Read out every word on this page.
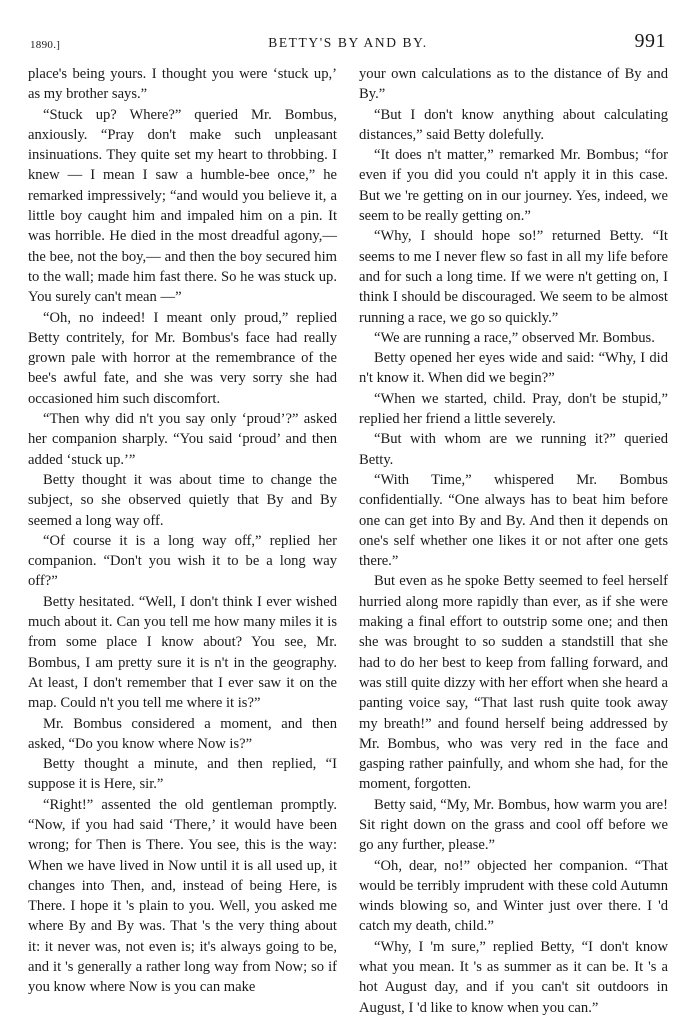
1890.]	BETTY'S BY AND BY.	991

place's being yours. I thought you were ‘stuck up,’ as my brother says.”

“Stuck up? Where?” queried Mr. Bombus, anxiously. “Pray don't make such unpleasant insinuations. They quite set my heart to throbbing. I knew — I mean I saw a humble-bee once,” he remarked impressively; “and would you believe it, a little boy caught him and impaled him on a pin. It was horrible. He died in the most dreadful agony,— the bee, not the boy,— and then the boy secured him to the wall; made him fast there. So he was stuck up. You surely can't mean —”

“Oh, no indeed! I meant only proud,” replied Betty contritely, for Mr. Bombus's face had really grown pale with horror at the remembrance of the bee's awful fate, and she was very sorry she had occasioned him such discomfort.

“Then why did n't you say only ‘proud’?” asked her companion sharply. “You said ‘proud’ and then added ‘stuck up.’”

Betty thought it was about time to change the subject, so she observed quietly that By and By seemed a long way off.

“Of course it is a long way off,” replied her companion. “Don't you wish it to be a long way off?”

Betty hesitated. “Well, I don't think I ever wished much about it. Can you tell me how many miles it is from some place I know about? You see, Mr. Bombus, I am pretty sure it is n't in the geography. At least, I don't remember that I ever saw it on the map. Could n't you tell me where it is?”

Mr. Bombus considered a moment, and then asked, “Do you know where Now is?”

Betty thought a minute, and then replied, “I suppose it is Here, sir.”

“Right!” assented the old gentleman promptly. “Now, if you had said ‘There,’ it would have been wrong; for Then is There. You see, this is the way: When we have lived in Now until it is all used up, it changes into Then, and, instead of being Here, is There. I hope it 's plain to you. Well, you asked me where By and By was. That 's the very thing about it: it never was, not even is; it's always going to be, and it 's generally a rather long way from Now; so if you know where Now is you can make

your own calculations as to the distance of By and By.”

“But I don't know anything about calculating distances,” said Betty dolefully.

“It does n't matter,” remarked Mr. Bombus; “for even if you did you could n't apply it in this case. But we 're getting on in our journey. Yes, indeed, we seem to be really getting on.”

“Why, I should hope so!” returned Betty. “It seems to me I never flew so fast in all my life before and for such a long time. If we were n't getting on, I think I should be discouraged. We seem to be almost running a race, we go so quickly.”

“We are running a race,” observed Mr. Bombus.

Betty opened her eyes wide and said: “Why, I did n't know it. When did we begin?”

“When we started, child. Pray, don't be stupid,” replied her friend a little severely.

“But with whom are we running it?” queried Betty.

“With Time,” whispered Mr. Bombus confidentially. “One always has to beat him before one can get into By and By. And then it depends on one's self whether one likes it or not after one gets there.”

But even as he spoke Betty seemed to feel herself hurried along more rapidly than ever, as if she were making a final effort to outstrip some one; and then she was brought to so sudden a standstill that she had to do her best to keep from falling forward, and was still quite dizzy with her effort when she heard a panting voice say, “That last rush quite took away my breath!” and found herself being addressed by Mr. Bombus, who was very red in the face and gasping rather painfully, and whom she had, for the moment, forgotten.

Betty said, “My, Mr. Bombus, how warm you are! Sit right down on the grass and cool off before we go any further, please.”

“Oh, dear, no!” objected her companion. “That would be terribly imprudent with these cold Autumn winds blowing so, and Winter just over there. I 'd catch my death, child.”

“Why, I 'm sure,” replied Betty, “I don't know what you mean. It 's as summer as it can be. It 's a hot August day, and if you can't sit outdoors in August, I 'd like to know when you can.”
